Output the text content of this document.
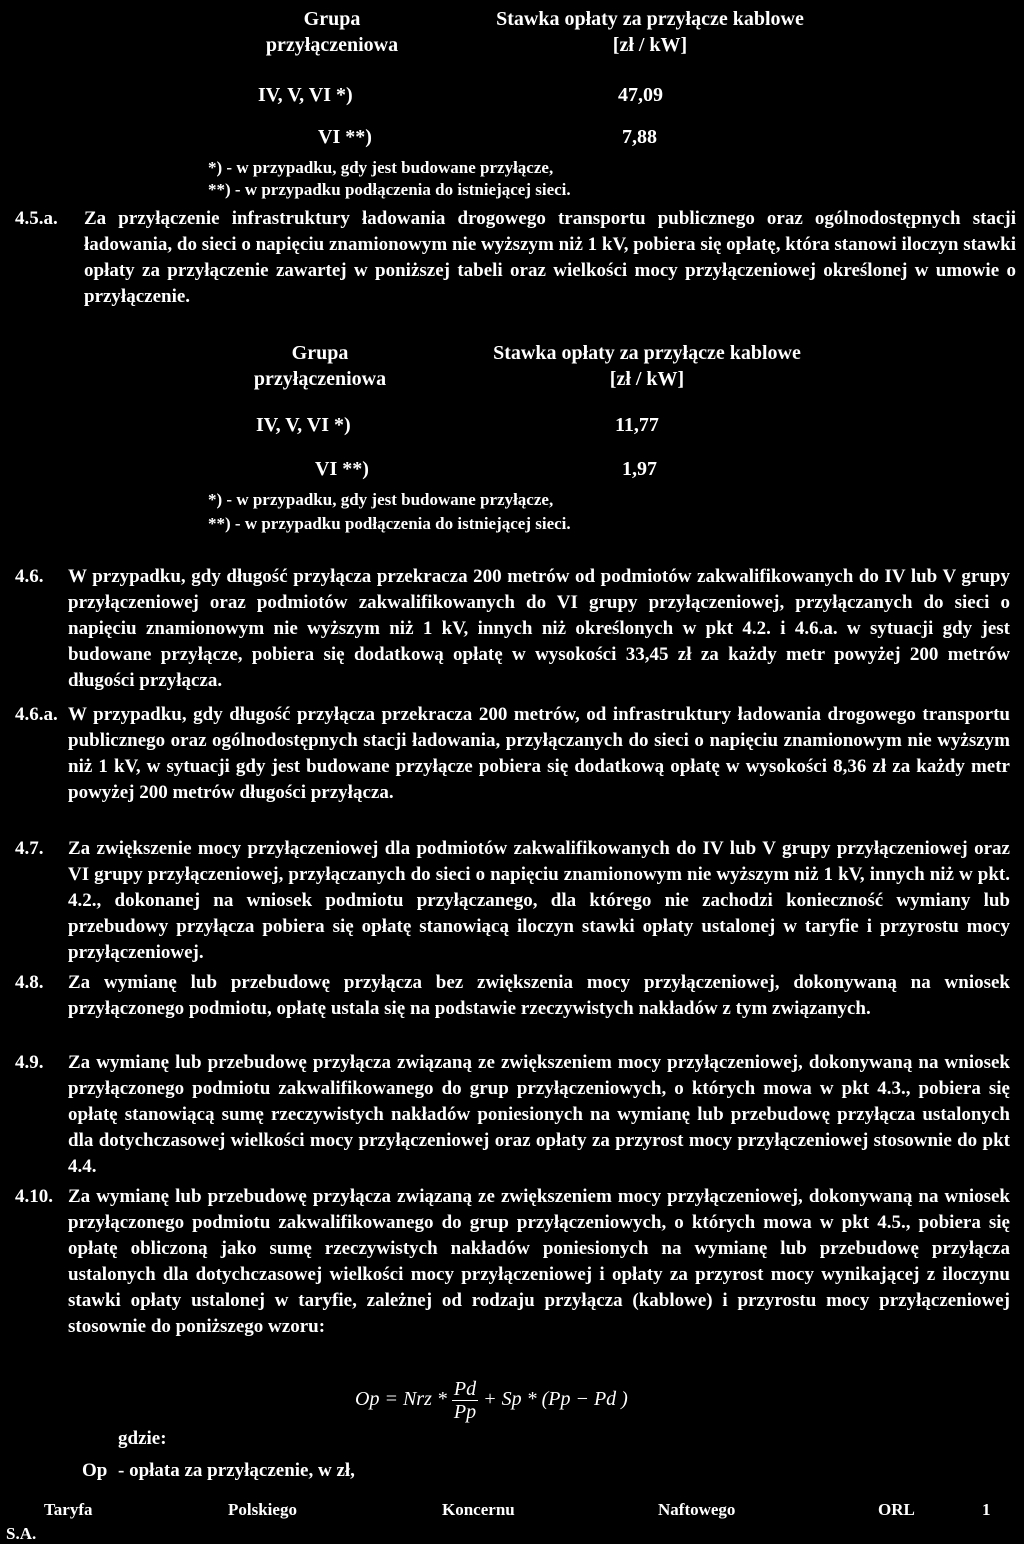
Grupa
przyłączeniowa
Stawka opłaty za przyłącze kablowe
[zł / kW]
IV, V, VI *)	47,09
VI **)	7,88
*) - w przypadku, gdy jest budowane przyłącze,
**) - w przypadku podłączenia do istniejącej sieci.
4.5.a. Za przyłączenie infrastruktury ładowania drogowego transportu publicznego oraz ogólnodostępnych stacji ładowania, do sieci o napięciu znamionowym nie wyższym niż 1 kV, pobiera się opłatę, która stanowi iloczyn stawki opłaty za przyłączenie zawartej w poniższej tabeli oraz wielkości mocy przyłączeniowej określonej w umowie o przyłączenie.
Grupa
przyłączeniowa
Stawka opłaty za przyłącze kablowe
[zł / kW]
IV, V, VI *)	11,77
VI **)	1,97
*) - w przypadku, gdy jest budowane przyłącze,
**) - w przypadku podłączenia do istniejącej sieci.
4.6. W przypadku, gdy długość przyłącza przekracza 200 metrów od podmiotów zakwalifikowanych do IV lub V grupy przyłączeniowej oraz podmiotów zakwalifikowanych do VI grupy przyłączeniowej, przyłączanych do sieci o napięciu znamionowym nie wyższym niż 1 kV, innych niż określonych w pkt 4.2. i 4.6.a. w sytuacji gdy jest budowane przyłącze, pobiera się dodatkową opłatę w wysokości 33,45 zł za każdy metr powyżej 200 metrów długości przyłącza.
4.6.a. W przypadku, gdy długość przyłącza przekracza 200 metrów, od infrastruktury ładowania drogowego transportu publicznego oraz ogólnodostępnych stacji ładowania, przyłączanych do sieci o napięciu znamionowym nie wyższym niż 1 kV, w sytuacji gdy jest budowane przyłącze pobiera się dodatkową opłatę w wysokości 8,36 zł za każdy metr powyżej 200 metrów długości przyłącza.
4.7. Za zwiększenie mocy przyłączeniowej dla podmiotów zakwalifikowanych do IV lub V grupy przyłączeniowej oraz VI grupy przyłączeniowej, przyłączanych do sieci o napięciu znamionowym nie wyższym niż 1 kV, innych niż w pkt. 4.2., dokonanej na wniosek podmiotu przyłączanego, dla którego nie zachodzi konieczność wymiany lub przebudowy przyłącza pobiera się opłatę stanowiącą iloczyn stawki opłaty ustalonej w taryfie i przyrostu mocy przyłączeniowej.
4.8. Za wymianę lub przebudowę przyłącza bez zwiększenia mocy przyłączeniowej, dokonywaną na wniosek przyłączonego podmiotu, opłatę ustala się na podstawie rzeczywistych nakładów z tym związanych.
4.9. Za wymianę lub przebudowę przyłącza związaną ze zwiększeniem mocy przyłączeniowej, dokonywaną na wniosek przyłączonego podmiotu zakwalifikowanego do grup przyłączeniowych, o których mowa w pkt 4.3., pobiera się opłatę stanowiącą sumę rzeczywistych nakładów poniesionych na wymianę lub przebudowę przyłącza ustalonych dla dotychczasowej wielkości mocy przyłączeniowej oraz opłaty za przyrost mocy przyłączeniowej stosownie do pkt 4.4.
4.10. Za wymianę lub przebudowę przyłącza związaną ze zwiększeniem mocy przyłączeniowej, dokonywaną na wniosek przyłączonego podmiotu zakwalifikowanego do grup przyłączeniowych, o których mowa w pkt 4.5., pobiera się opłatę obliczoną jako sumę rzeczywistych nakładów poniesionych na wymianę lub przebudowę przyłącza ustalonych dla dotychczasowej wielkości mocy przyłączeniowej i opłaty za przyrost mocy wynikającej z iloczynu stawki opłaty ustalonej w taryfie, zależnej od rodzaju przyłącza (kablowe) i przyrostu mocy przyłączeniowej stosownie do poniższego wzoru:
Op = Nrz * $\frac{Pd}{Pp} + Sp * (Pp - Pd$ )
gdzie:
Op - opłata za przyłączenie, w zł,
Taryfa	Polskiego	Koncernu	Naftowego	ORL	1
S.A.
